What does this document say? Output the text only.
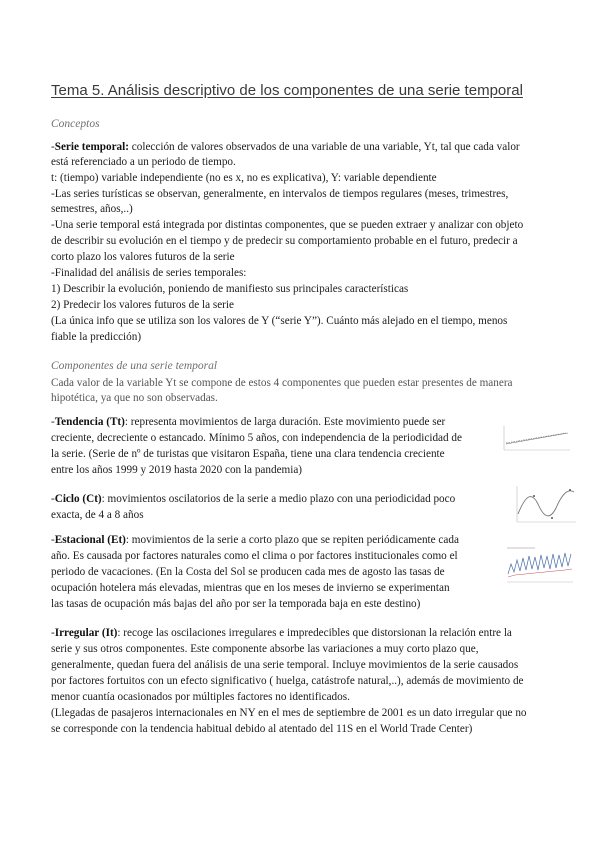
Tema 5. Análisis descriptivo de los componentes de una serie temporal
Conceptos
-Serie temporal: colección de valores observados de una variable de una variable, Yt, tal que cada valor
está referenciado a un periodo de tiempo.
t: (tiempo) variable independiente (no es x, no es explicativa), Y: variable dependiente
-Las series turísticas se observan, generalmente, en intervalos de tiempos regulares (meses, trimestres,
semestres, años,..)
-Una serie temporal está integrada por distintas componentes, que se pueden extraer y analizar con objeto
de describir su evolución en el tiempo y de predecir su comportamiento probable en el futuro, predecir a
corto plazo los valores futuros de la serie
-Finalidad del análisis de series temporales:
1) Describir la evolución, poniendo de manifiesto sus principales características
2) Predecir los valores futuros de la serie
(La única info que se utiliza son los valores de Y (“serie Y”). Cuánto más alejado en el tiempo, menos
fiable la predicción)
Componentes de una serie temporal
Cada valor de la variable Yt se compone de estos 4 componentes que pueden estar presentes de manera
hipotética, ya que no son observadas.
-Tendencia (Tt): representa movimientos de larga duración. Este movimiento puede ser
creciente, decreciente o estancado. Mínimo 5 años, con independencia de la periodicidad de
la serie. (Serie de nº de turistas que visitaron España, tiene una clara tendencia creciente
entre los años 1999 y 2019 hasta 2020 con la pandemia)
-Ciclo (Ct): movimientos oscilatorios de la serie a medio plazo con una periodicidad poco
exacta, de 4 a 8 años
-Estacional (Et): movimientos de la serie a corto plazo que se repiten periódicamente cada
año. Es causada por factores naturales como el clima o por factores institucionales como el
periodo de vacaciones. (En la Costa del Sol se producen cada mes de agosto las tasas de
ocupación hotelera más elevadas, mientras que en los meses de invierno se experimentan
las tasas de ocupación más bajas del año por ser la temporada baja en este destino)
-Irregular (It): recoge las oscilaciones irregulares e impredecibles que distorsionan la relación entre la
serie y sus otros componentes. Este componente absorbe las variaciones a muy corto plazo que,
generalmente, quedan fuera del análisis de una serie temporal. Incluye movimientos de la serie causados
por factores fortuitos con un efecto significativo ( huelga, catástrofe natural,..), además de movimiento de
menor cuantía ocasionados por múltiples factores no identificados.
(Llegadas de pasajeros internacionales en NY en el mes de septiembre de 2001 es un dato irregular que no
se corresponde con la tendencia habitual debido al atentado del 11S en el World Trade Center)
